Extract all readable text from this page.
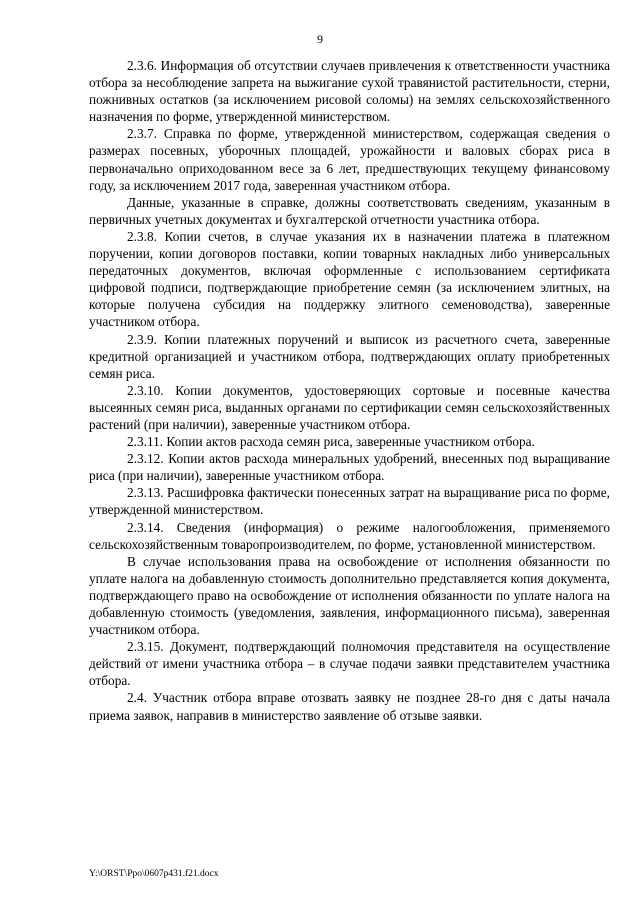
9

2.3.6. Информация об отсутствии случаев привлечения к ответственности участника отбора за несоблюдение запрета на выжигание сухой травянистой растительности, стерни, пожнивных остатков (за исключением рисовой соломы) на землях сельскохозяйственного назначения по форме, утвержденной министерством.

2.3.7. Справка по форме, утвержденной министерством, содержащая сведения о размерах посевных, уборочных площадей, урожайности и валовых сборах риса в первоначально оприходованном весе за 6 лет, предшествующих текущему финансовому году, за исключением 2017 года, заверенная участником отбора.

Данные, указанные в справке, должны соответствовать сведениям, указанным в первичных учетных документах и бухгалтерской отчетности участника отбора.

2.3.8. Копии счетов, в случае указания их в назначении платежа в платежном поручении, копии договоров поставки, копии товарных накладных либо универсальных передаточных документов, включая оформленные с использованием сертификата цифровой подписи, подтверждающие приобретение семян (за исключением элитных, на которые получена субсидия на поддержку элитного семеноводства), заверенные участником отбора.

2.3.9. Копии платежных поручений и выписок из расчетного счета, заверенные кредитной организацией и участником отбора, подтверждающих оплату приобретенных семян риса.

2.3.10. Копии документов, удостоверяющих сортовые и посевные качества высеянных семян риса, выданных органами по сертификации семян сельскохозяйственных растений (при наличии), заверенные участником отбора.

2.3.11. Копии актов расхода семян риса, заверенные участником отбора.

2.3.12. Копии актов расхода минеральных удобрений, внесенных под выращивание риса (при наличии), заверенные участником отбора.

2.3.13. Расшифровка фактически понесенных затрат на выращивание риса по форме, утвержденной министерством.

2.3.14. Сведения (информация) о режиме налогообложения, применяемого сельскохозяйственным товаропроизводителем, по форме, установленной министерством.

В случае использования права на освобождение от исполнения обязанности по уплате налога на добавленную стоимость дополнительно представляется копия документа, подтверждающего право на освобождение от исполнения обязанности по уплате налога на добавленную стоимость (уведомления, заявления, информационного письма), заверенная участником отбора.

2.3.15. Документ, подтверждающий полномочия представителя на осуществление действий от имени участника отбора – в случае подачи заявки представителем участника отбора.

2.4. Участник отбора вправе отозвать заявку не позднее 28-го дня с даты начала приема заявок, направив в министерство заявление об отзыве заявки.

Y:\ORST\Ppo\0607p431.f21.docx
